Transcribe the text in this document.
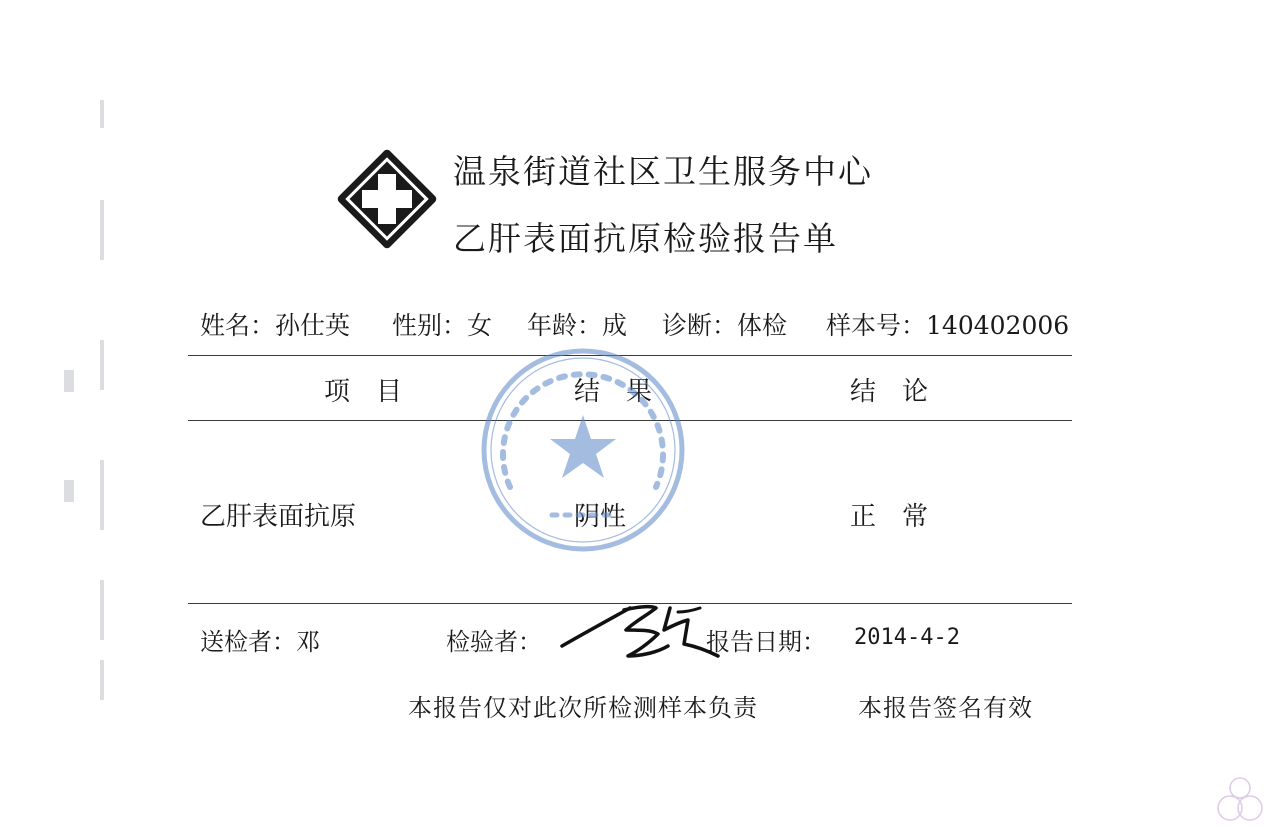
温泉街道社区卫生服务中心
乙肝表面抗原检验报告单
姓名：孙仕英 性别：女 年龄：成 诊断：体检 样本号：140402006
项　目	结　果	结　论
乙肝表面抗原	阴性	正　常
送检者：邓	检验者：	报告日期： 2014-4-2
本报告仅对此次所检测样本负责	本报告签名有效
